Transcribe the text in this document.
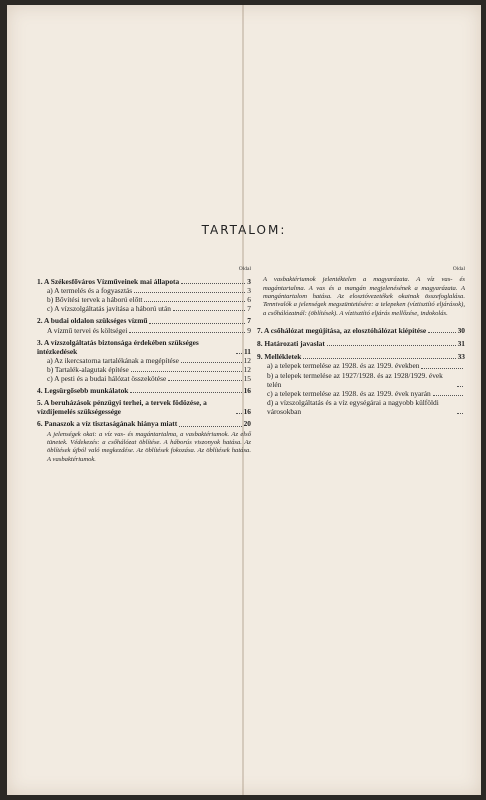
TARTALOM:
Oldal
1. A Székesfőváros Vízműveinek mai állapota	3
a) A termelés és a fogyasztás	3
b) Bővítési tervek a háború előtt	6
c) A vízszolgáltatás javítása a háború után	7
2. A budai oldalon szükséges vízmű	7
A vízmű tervei és költségei	9
3. A vízszolgáltatás biztonsága érdekében szükséges intézkedések	11
a) Az ikercsatorna tartalékának a megépítése	12
b) Tartalék-alagutak építése	12
c) A pesti és a budai hálózat összekötése	15
4. Legsürgősebb munkálatok	16
5. A beruházások pénzügyi terhei, a tervek födözése, a vízdíjemelés szükségessége	16
6. Panaszok a víz tisztaságának hiánya miatt	20
A jelenségek okai: a víz vas- és magántartalma, a vasbaktériumok. Az első tünetek. Védekezés: a csőhálózat öblítése. A háborús viszonyok hatása. Az öblítések újból való megkezdése. Az öblítések fokozása. Az öblítések hatása. A vasbaktériumok.
Oldal
A vasbaktériumok jelentéktelen a magyarázata. A víz vas- és magántartalma. A vas és a mangán megjelenésének a magyarázata. A mangántartalom hatása. Az elosztóvezetékek okainak összefoglalása. Tennivalók a jelenségek megszüntetésére: a telepeken (víztisztító eljárások), a csőhálózatnál: (öblítések). A víztisztító eljárás mellőzése, indokolás.
7. A csőhálózat megújítása, az elosztóhálózat kiépítése	30
8. Határozati javaslat	31
9. Mellékletek	33
a) a telepek termelése az 1928. és az 1929. években
b) a telepek termelése az 1927/1928. és az 1928/1929. évek telén
c) a telepek termelése az 1928. és az 1929. évek nyarán
d) a vízszolgáltatás és a víz egységárai a nagyobb külföldi városokban
